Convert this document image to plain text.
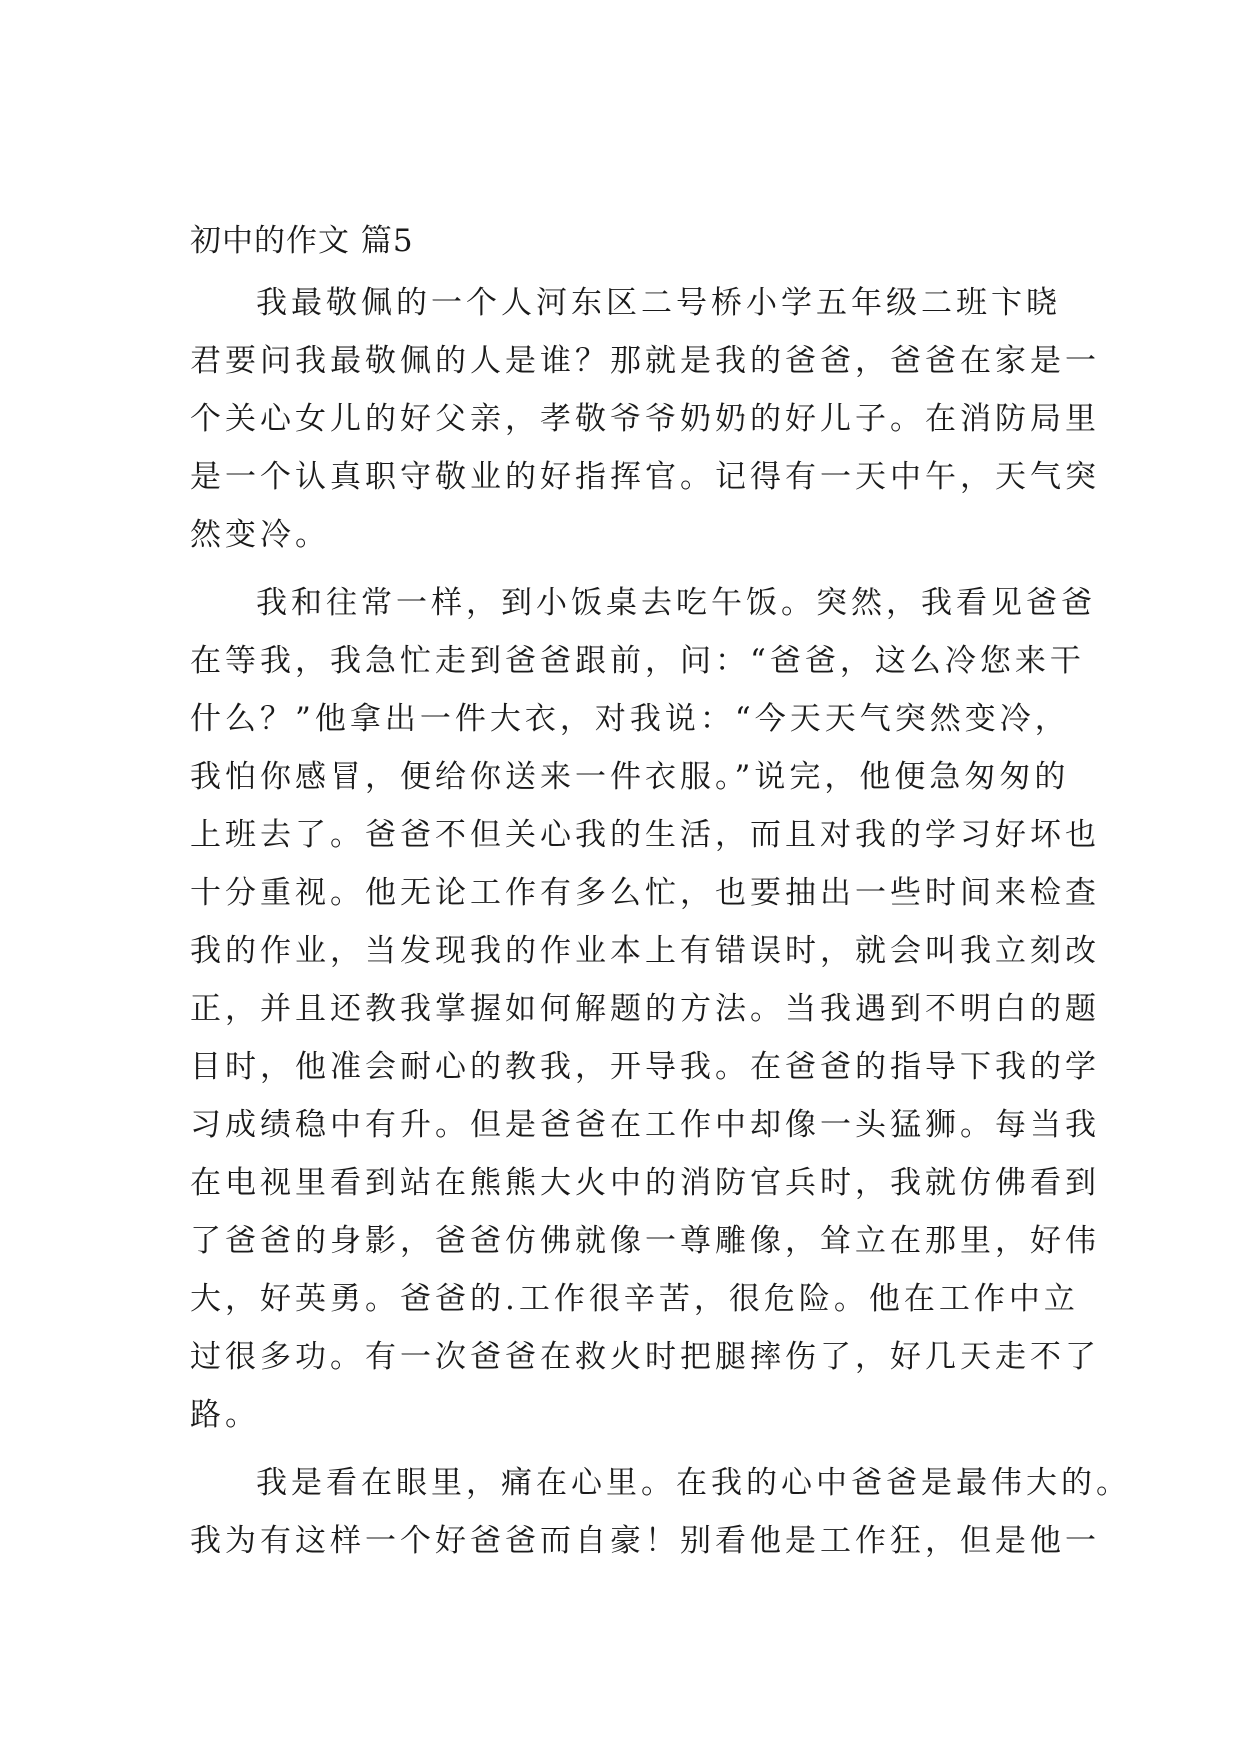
初中的作文 篇5
我最敬佩的一个人河东区二号桥小学五年级二班卞晓
君要问我最敬佩的人是谁？那就是我的爸爸，爸爸在家是一
个关心女儿的好父亲，孝敬爷爷奶奶的好儿子。在消防局里
是一个认真职守敬业的好指挥官。记得有一天中午，天气突
然变冷。
我和往常一样，到小饭桌去吃午饭。突然，我看见爸爸
在等我，我急忙走到爸爸跟前，问：“爸爸，这么冷您来干
什么？”他拿出一件大衣，对我说：“今天天气突然变冷，
我怕你感冒，便给你送来一件衣服。”说完，他便急匆匆的
上班去了。爸爸不但关心我的生活，而且对我的学习好坏也
十分重视。他无论工作有多么忙，也要抽出一些时间来检查
我的作业，当发现我的作业本上有错误时，就会叫我立刻改
正，并且还教我掌握如何解题的方法。当我遇到不明白的题
目时，他准会耐心的教我，开导我。在爸爸的指导下我的学
习成绩稳中有升。但是爸爸在工作中却像一头猛狮。每当我
在电视里看到站在熊熊大火中的消防官兵时，我就仿佛看到
了爸爸的身影，爸爸仿佛就像一尊雕像，耸立在那里，好伟
大，好英勇。爸爸的.工作很辛苦，很危险。他在工作中立
过很多功。有一次爸爸在救火时把腿摔伤了，好几天走不了
路。
我是看在眼里，痛在心里。在我的心中爸爸是最伟大的。
我为有这样一个好爸爸而自豪！别看他是工作狂，但是他一
